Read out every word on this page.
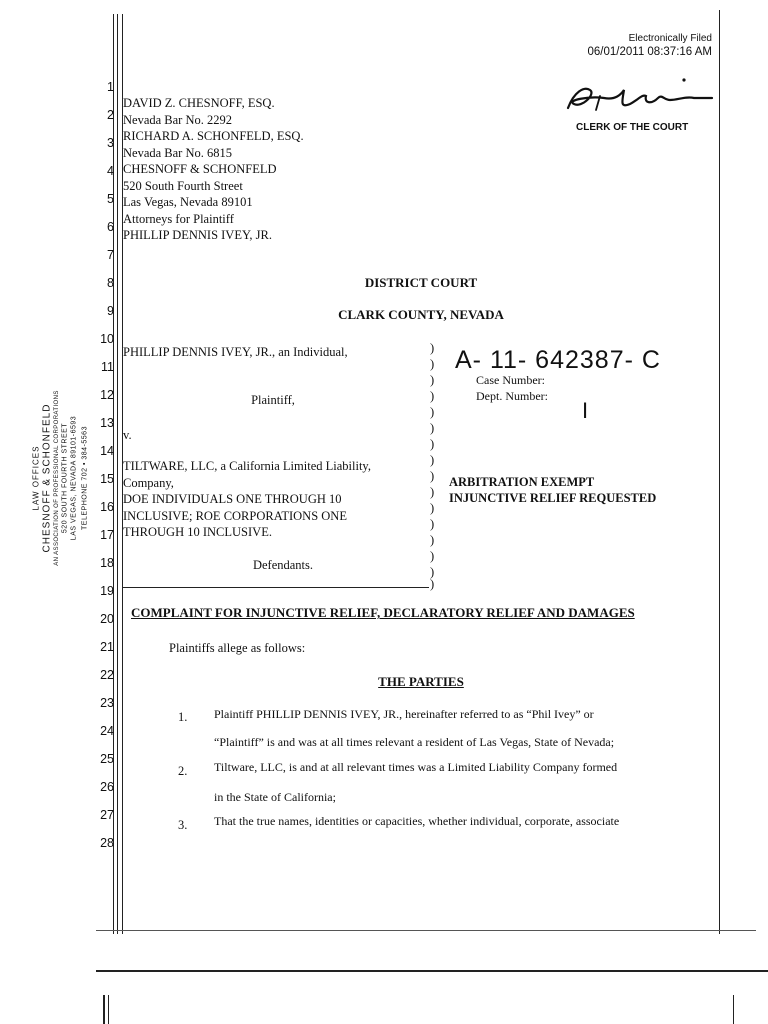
Electronically Filed
06/01/2011 08:37:16 AM
CLERK OF THE COURT
1
2
3
4
5
6
7
8
9
10
11
12
13
14
15
16
17
18
19
20
21
22
23
24
25
26
27
28
DAVID Z. CHESNOFF, ESQ.
Nevada Bar No. 2292
RICHARD A. SCHONFELD, ESQ.
Nevada Bar No. 6815
CHESNOFF & SCHONFELD
520 South Fourth Street
Las Vegas, Nevada 89101
Attorneys for Plaintiff
PHILLIP DENNIS IVEY, JR.
DISTRICT COURT
CLARK COUNTY, NEVADA
PHILLIP DENNIS IVEY, JR., an Individual,
Plaintiff,
v.
TILTWARE, LLC, a California Limited Liability,
Company,
DOE INDIVIDUALS ONE THROUGH 10
INCLUSIVE; ROE CORPORATIONS ONE
THROUGH 10 INCLUSIVE.
Defendants.
)
)
)
)
)
)
)
)
)
)
)
)
)
)
)
)
A- 11- 642387- C
Case Number:
Dept. Number:
I
ARBITRATION EXEMPT
INJUNCTIVE RELIEF REQUESTED
COMPLAINT FOR INJUNCTIVE RELIEF, DECLARATORY RELIEF AND DAMAGES
Plaintiffs allege as follows:
THE PARTIES
1. Plaintiff PHILLIP DENNIS IVEY, JR., hereinafter referred to as “Phil Ivey” or
“Plaintiff” is and was at all times relevant a resident of Las Vegas, State of Nevada;
2. Tiltware, LLC, is and at all relevant times was a Limited Liability Company formed
in the State of California;
3. That the true names, identities or capacities, whether individual, corporate, associate
LAW OFFICES CHESNOFF & SCHONFELD AN ASSOCIATION OF PROFESSIONAL CORPORATIONS 520 SOUTH FOURTH STREET LAS VEGAS, NEVADA 89101-6593 TELEPHONE 702 • 384-5563
